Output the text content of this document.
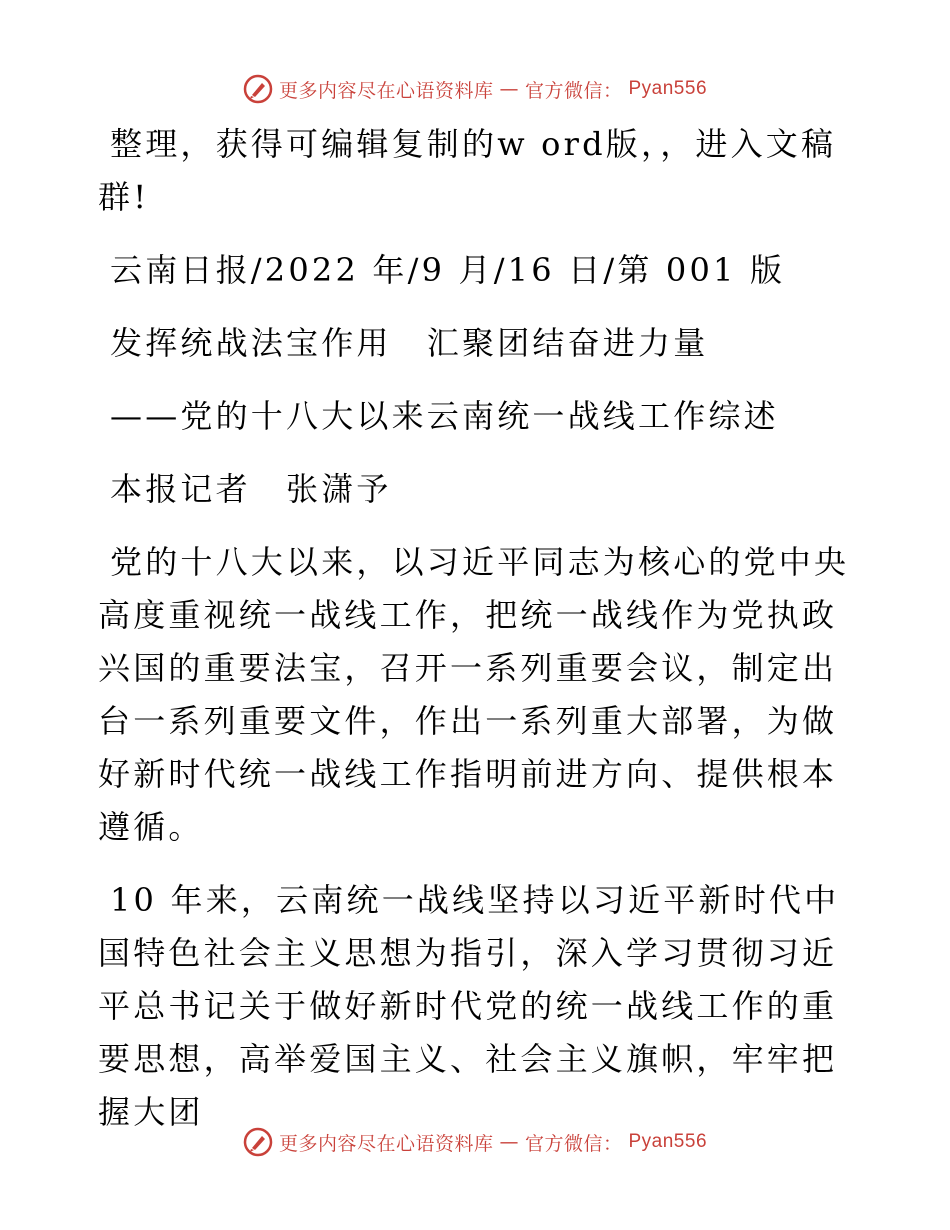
更多内容尽在心语资料库 — 官方微信： Pyan556

整理，获得可编辑复制的w ord版，，进入文稿群!

云南日报/2022 年/9 月/16 日/第 001 版

发挥统战法宝作用　汇聚团结奋进力量

——党的十八大以来云南统一战线工作综述

本报记者　张潇予

党的十八大以来，以习近平同志为核心的党中央高度重视统一战线工作，把统一战线作为党执政兴国的重要法宝，召开一系列重要会议，制定出台一系列重要文件，作出一系列重大部署，为做好新时代统一战线工作指明前进方向、提供根本遵循。

10 年来，云南统一战线坚持以习近平新时代中国特色社会主义思想为指引，深入学习贯彻习近平总书记关于做好新时代党的统一战线工作的重要思想，高举爱国主义、社会主义旗帜，牢牢把握大团

更多内容尽在心语资料库 — 官方微信： Pyan556
